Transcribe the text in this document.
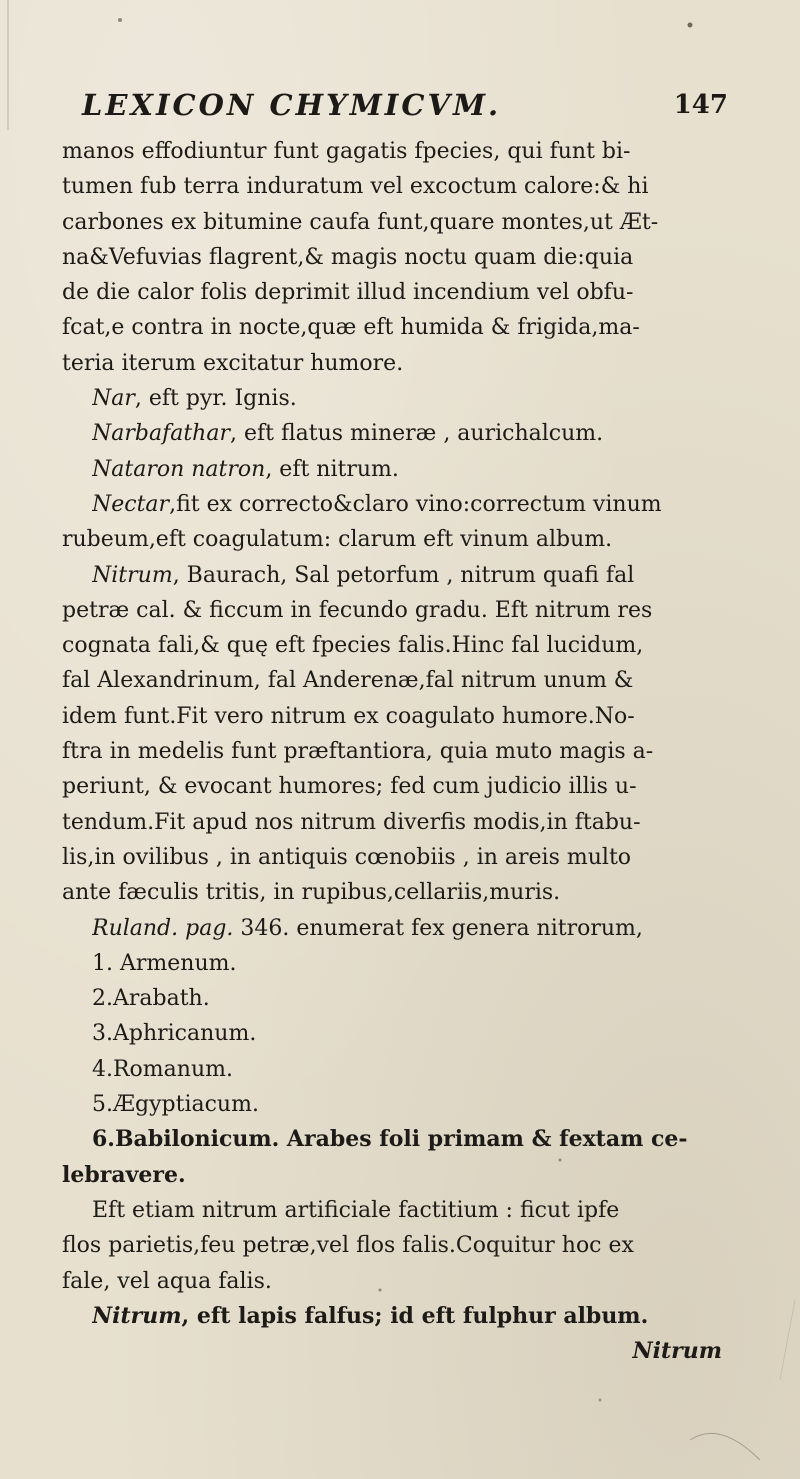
LEXICON CHYMICVM.	147
manos effodiuntur funt gagatis fpecies, qui funt bi-
tumen fub terra induratum vel excoctum calore:& hi
carbones ex bitumine caufa funt,quare montes,ut Æt-
na&Vefuvias flagrent,& magis noctu quam die:quia
de die calor folis deprimit illud incendium vel obfu-
fcat,e contra in nocte,quæ eft humida & frigida,ma-
teria iterum excitatur humore.
Nar, eft pyr. Ignis.
Narbafathar, eft flatus mineræ , aurichalcum.
Nataron natron, eft nitrum.
Nectar,fit ex correcto&claro vino:correctum vinum
rubeum,eft coagulatum: clarum eft vinum album.
Nitrum, Baurach, Sal petorfum , nitrum quafi fal
petræ cal. & ficcum in fecundo gradu. Eft nitrum res
cognata fali,& quę eft fpecies falis.Hinc fal lucidum,
fal Alexandrinum, fal Anderenæ,fal nitrum unum &
idem funt.Fit vero nitrum ex coagulato humore.No-
ftra in medelis funt præftantiora, quia muto magis a-
periunt, & evocant humores; fed cum judicio illis u-
tendum.Fit apud nos nitrum diverfis modis,in ftabu-
lis,in ovilibus , in antiquis cœnobiis , in areis multo
ante fæculis tritis, in rupibus,cellariis,muris.
Ruland. pag. 346. enumerat fex genera nitrorum,
1. Armenum.
2.Arabath.
3.Aphricanum.
4.Romanum.
5.Ægyptiacum.
6.Babilonicum. Arabes foli primam & fextam ce-
lebravere.
Eft etiam nitrum artificiale factitium : ficut ipfe
flos parietis,feu petræ,vel flos falis.Coquitur hoc ex
fale, vel aqua falis.
Nitrum, eft lapis falfus; id eft fulphur album.
Nitrum
